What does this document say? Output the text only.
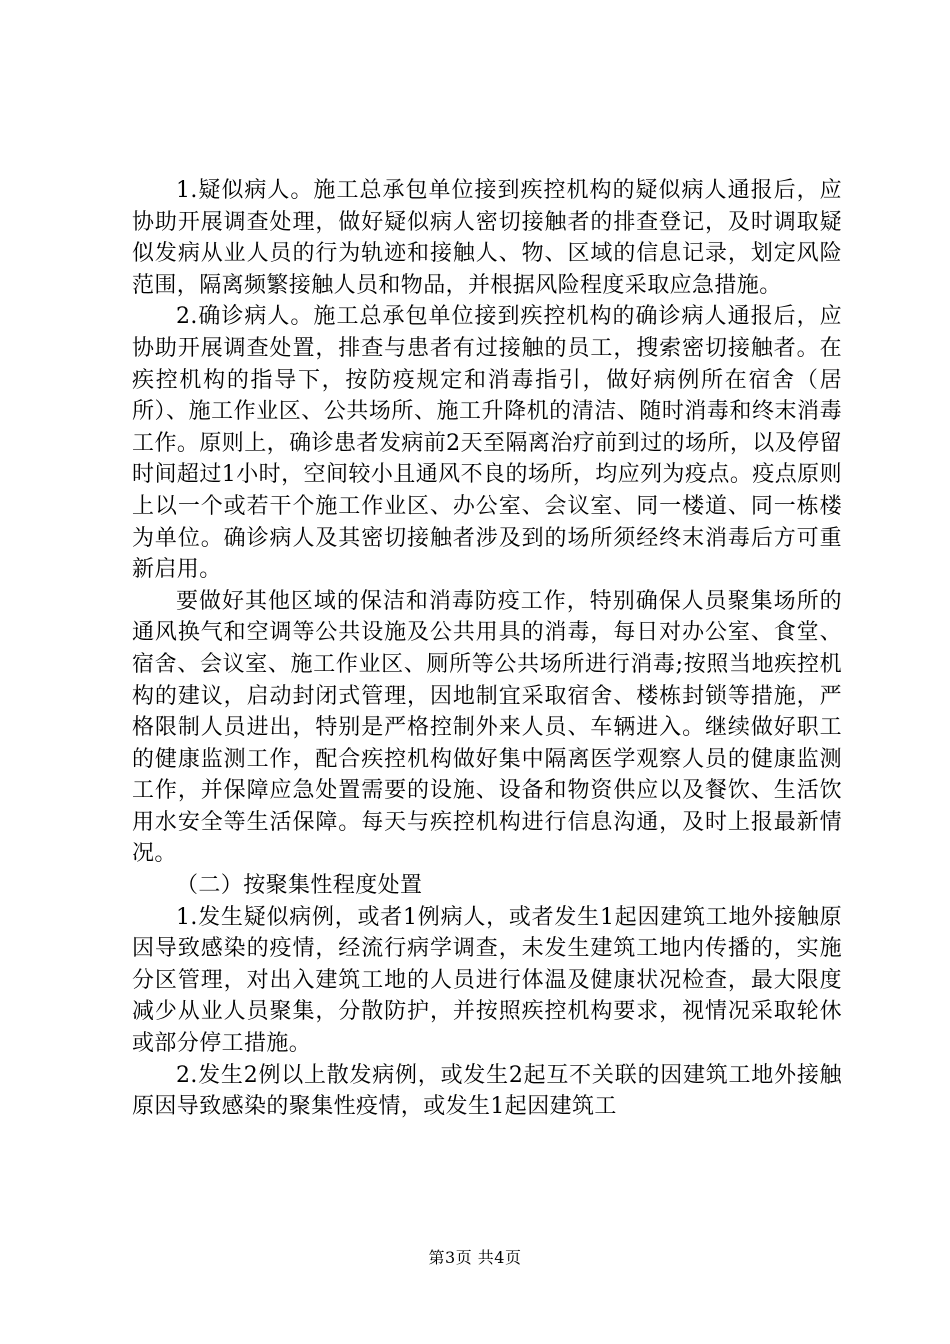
1.疑似病人。施工总承包单位接到疾控机构的疑似病人通报后，应协助开展调查处理，做好疑似病人密切接触者的排查登记，及时调取疑似发病从业人员的行为轨迹和接触人、物、区域的信息记录，划定风险范围，隔离频繁接触人员和物品，并根据风险程度采取应急措施。

2.确诊病人。施工总承包单位接到疾控机构的确诊病人通报后，应协助开展调查处置，排查与患者有过接触的员工，搜索密切接触者。在疾控机构的指导下，按防疫规定和消毒指引，做好病例所在宿舍（居所）、施工作业区、公共场所、施工升降机的清洁、随时消毒和终末消毒工作。原则上，确诊患者发病前2天至隔离治疗前到过的场所，以及停留时间超过1小时，空间较小且通风不良的场所，均应列为疫点。疫点原则上以一个或若干个施工作业区、办公室、会议室、同一楼道、同一栋楼为单位。确诊病人及其密切接触者涉及到的场所须经终末消毒后方可重新启用。

要做好其他区域的保洁和消毒防疫工作，特别确保人员聚集场所的通风换气和空调等公共设施及公共用具的消毒，每日对办公室、食堂、宿舍、会议室、施工作业区、厕所等公共场所进行消毒;按照当地疾控机构的建议，启动封闭式管理，因地制宜采取宿舍、楼栋封锁等措施，严格限制人员进出，特别是严格控制外来人员、车辆进入。继续做好职工的健康监测工作，配合疾控机构做好集中隔离医学观察人员的健康监测工作，并保障应急处置需要的设施、设备和物资供应以及餐饮、生活饮用水安全等生活保障。每天与疾控机构进行信息沟通，及时上报最新情况。

（二）按聚集性程度处置

1.发生疑似病例，或者1例病人，或者发生1起因建筑工地外接触原因导致感染的疫情，经流行病学调查，未发生建筑工地内传播的，实施分区管理，对出入建筑工地的人员进行体温及健康状况检查，最大限度减少从业人员聚集，分散防护，并按照疾控机构要求，视情况采取轮休或部分停工措施。

2.发生2例以上散发病例，或发生2起互不关联的因建筑工地外接触原因导致感染的聚集性疫情，或发生1起因建筑工

第3页 共4页
